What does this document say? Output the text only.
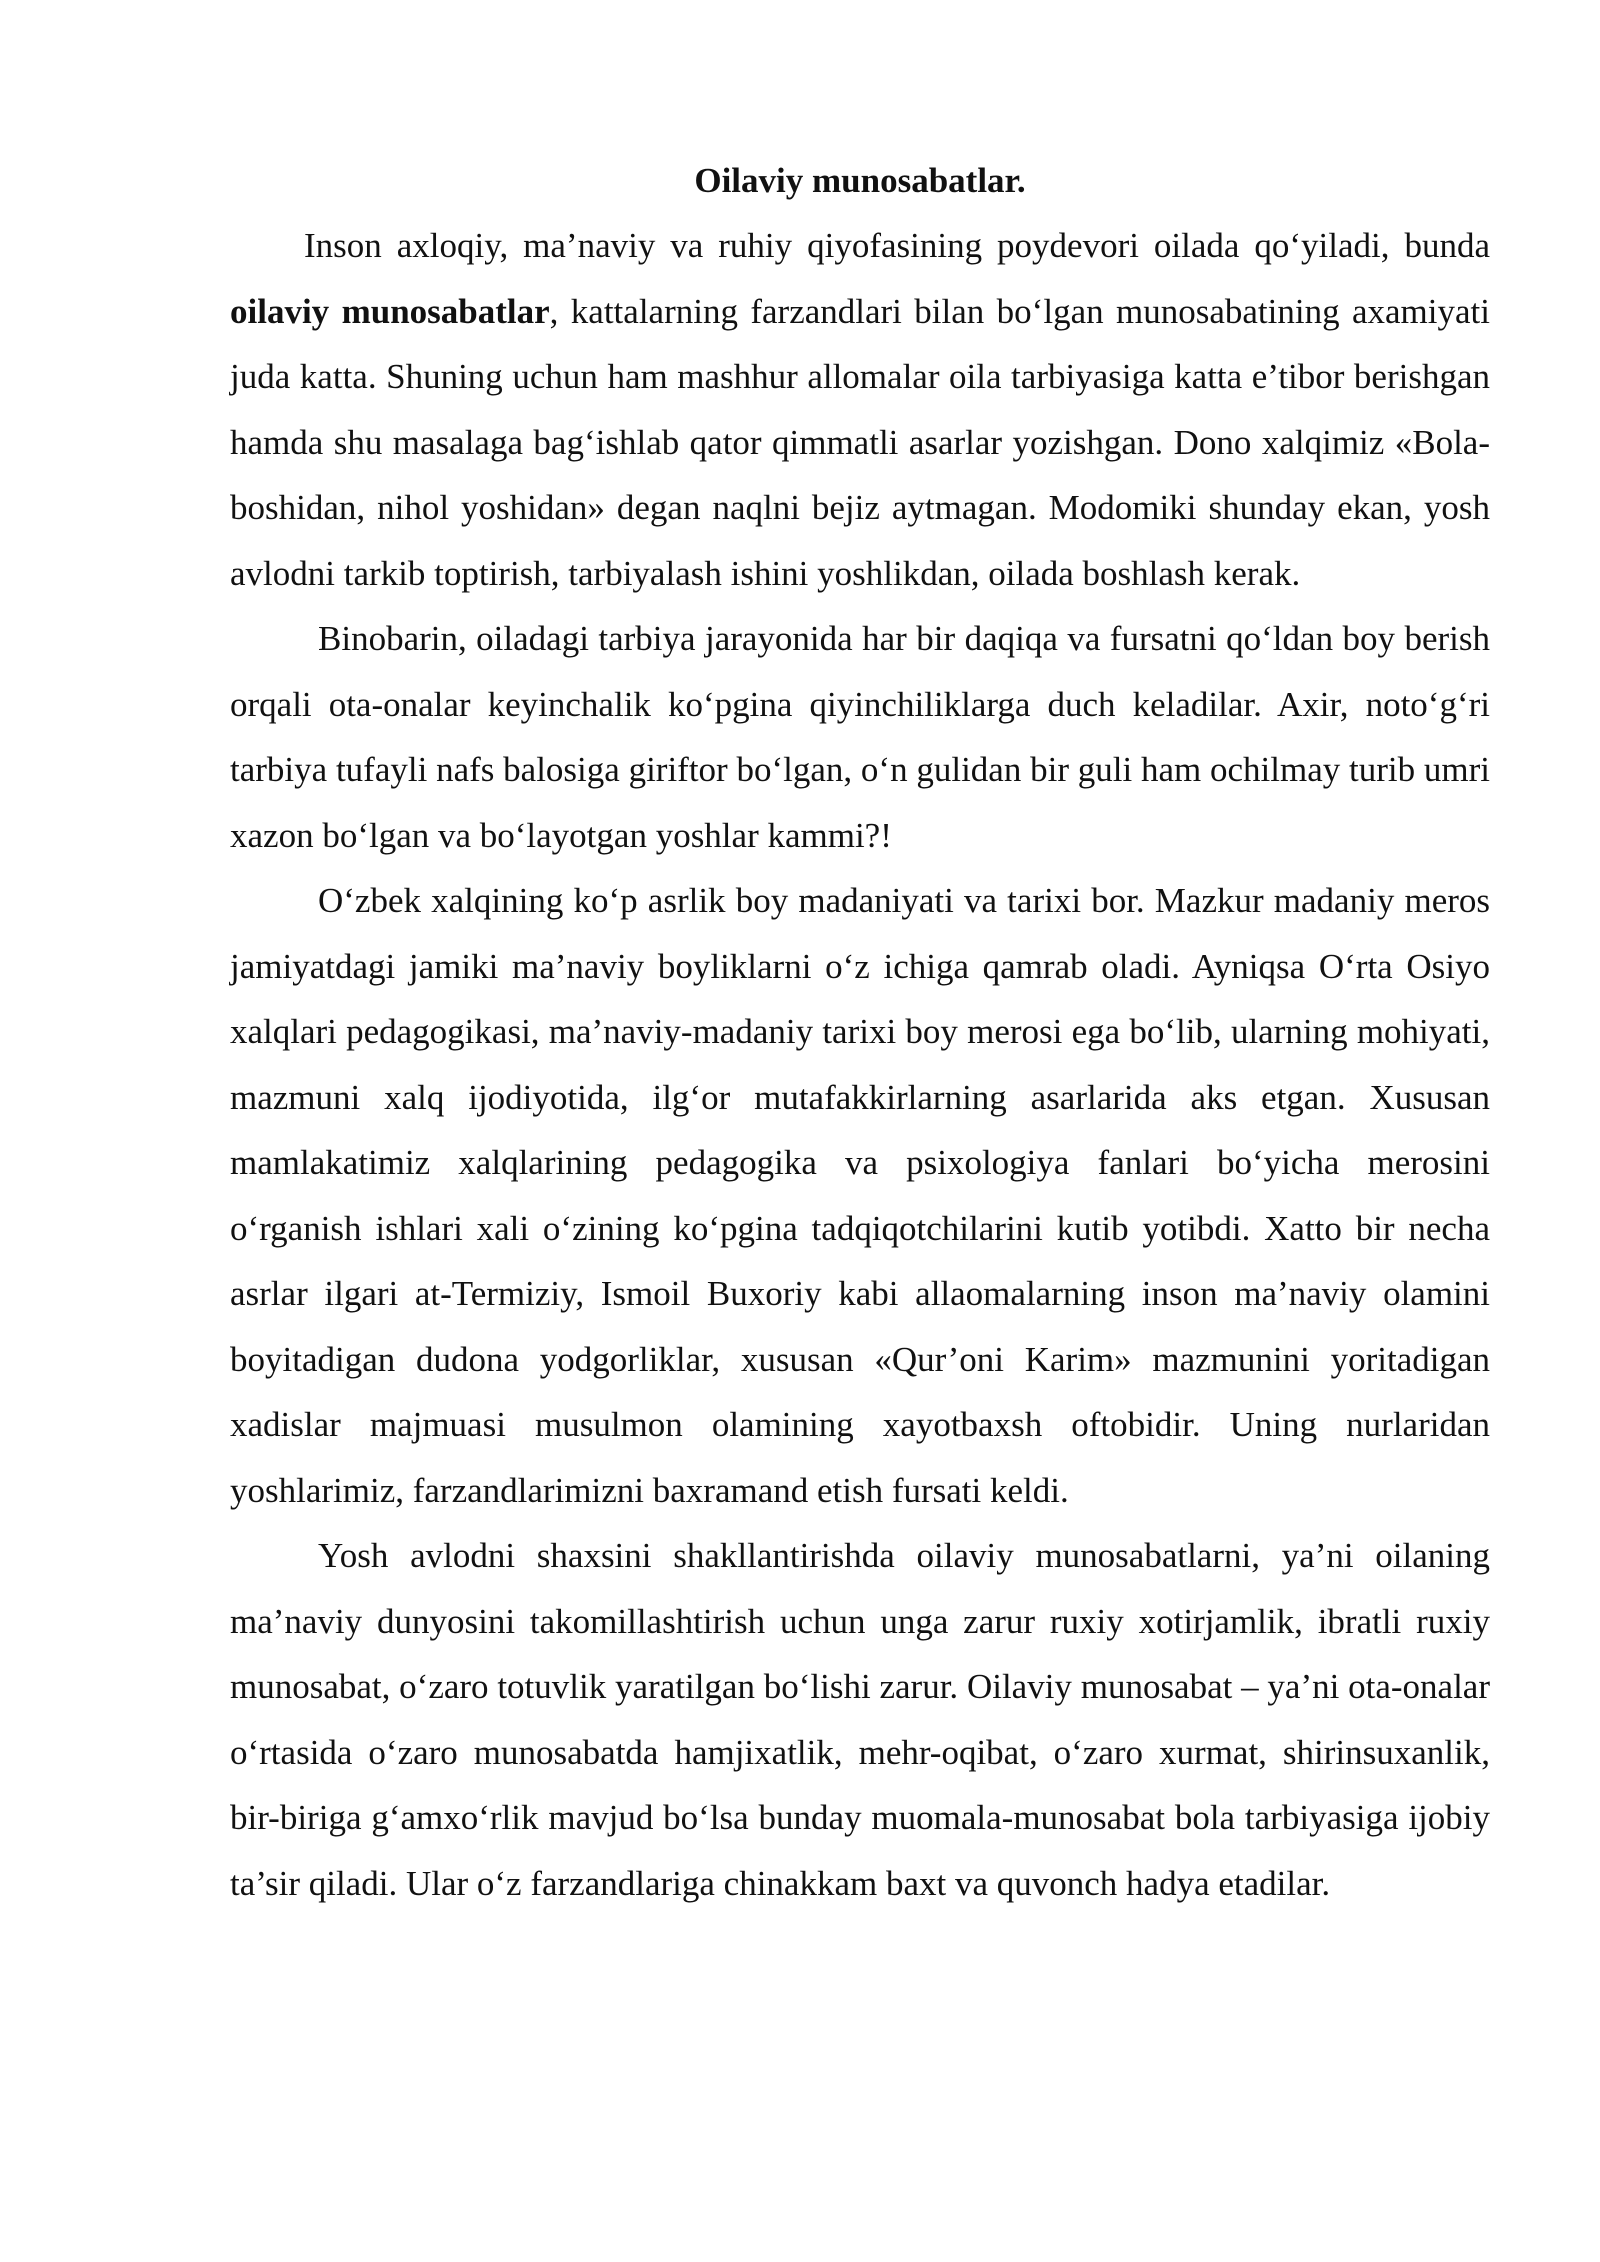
Oilaviy munosabatlar.

Inson axloqiy, ma’naviy va ruhiy qiyofasining poydevori oilada qo‘yiladi, bunda oilaviy munosabatlar, kattalarning farzandlari bilan bo‘lgan munosabatining axamiyati juda katta. Shuning uchun ham mashhur allomalar oila tarbiyasiga katta e’tibor berishgan hamda shu masalaga bag‘ishlab qator qimmatli asarlar yozishgan. Dono xalqimiz «Bola-boshidan, nihol yoshidan» degan naqlni bejiz aytmagan. Modomiki shunday ekan, yosh avlodni tarkib toptirish, tarbiyalash ishini yoshlikdan, oilada boshlash kerak.

Binobarin, oiladagi tarbiya jarayonida har bir daqiqa va fursatni qo‘ldan boy berish orqali ota-onalar keyinchalik ko‘pgina qiyinchiliklarga duch keladilar. Axir, noto‘g‘ri tarbiya tufayli nafs balosiga giriftor bo‘lgan, o‘n gulidan bir guli ham ochilmay turib umri xazon bo‘lgan va bo‘layotgan yoshlar kammi?!

O‘zbek xalqining ko‘p asrlik boy madaniyati va tarixi bor. Mazkur madaniy meros jamiyatdagi jamiki ma’naviy boyliklarni o‘z ichiga qamrab oladi. Ayniqsa O‘rta Osiyo xalqlari pedagogikasi, ma’naviy-madaniy tarixi boy merosi ega bo‘lib, ularning mohiyati, mazmuni xalq ijodiyotida, ilg‘or mutafakkirlarning asarlarida aks etgan. Xususan mamlakatimiz xalqlarining pedagogika va psixologiya fanlari bo‘yicha merosini o‘rganish ishlari xali o‘zining ko‘pgina tadqiqotchilarini kutib yotibdi. Xatto bir necha asrlar ilgari at-Termiziy, Ismoil Buxoriy kabi allaomalarning inson ma’naviy olamini boyitadigan dudona yodgorliklar, xususan «Qur’oni Karim» mazmunini yoritadigan xadislar majmuasi musulmon olamining xayotbaxsh oftobidir. Uning nurlaridan yoshlarimiz, farzandlarimizni baxramand etish fursati keldi.

Yosh avlodni shaxsini shakllantirishda oilaviy munosabatlarni, ya’ni oilaning ma’naviy dunyosini takomillashtirish uchun unga zarur ruxiy xotirjamlik, ibratli ruxiy munosabat, o‘zaro totuvlik yaratilgan bo‘lishi zarur. Oilaviy munosabat – ya’ni ota-onalar o‘rtasida o‘zaro munosabatda hamjixatlik, mehr-oqibat, o‘zaro xurmat, shirinsuxanlik, bir-biriga g‘amxo‘rlik mavjud bo‘lsa bunday muomala-munosabat bola tarbiyasiga ijobiy ta’sir qiladi. Ular o‘z farzandlariga chinakkam baxt va quvonch hadya etadilar.
